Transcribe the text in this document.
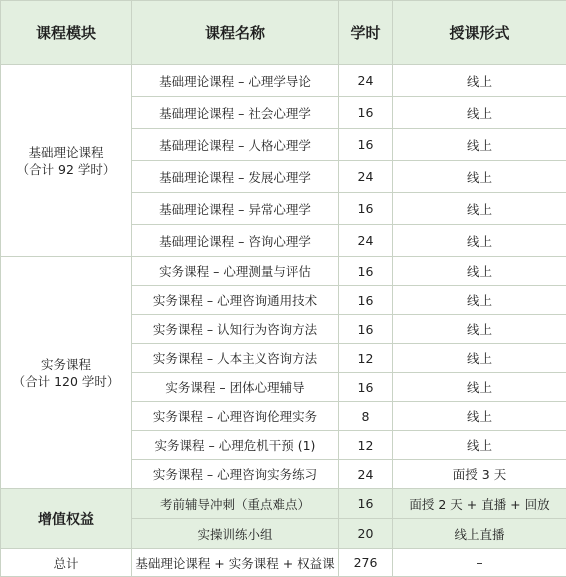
课程模块	课程名称	学时	授课形式

基础理论课程
（合计 92 学时）	基础理论课程 – 心理学导论	24	线上
	基础理论课程 – 社会心理学	16	线上
	基础理论课程 – 人格心理学	16	线上
	基础理论课程 – 发展心理学	24	线上
	基础理论课程 – 异常心理学	16	线上
	基础理论课程 – 咨询心理学	24	线上

实务课程
（合计 120 学时）	实务课程 – 心理测量与评估	16	线上
	实务课程 – 心理咨询通用技术	16	线上
	实务课程 – 认知行为咨询方法	16	线上
	实务课程 – 人本主义咨询方法	12	线上
	实务课程 – 团体心理辅导	16	线上
	实务课程 – 心理咨询伦理实务	8	线上
	实务课程 – 心理危机干预 (1)	12	线上
	实务课程 – 心理咨询实务练习	24	面授 3 天
增值权益	考前辅导冲刺（重点难点）	16	面授 2 天 + 直播 + 回放
	实操训练小组	20	线上直播
总计	基础理论课程 + 实务课程 + 权益课	276	–
